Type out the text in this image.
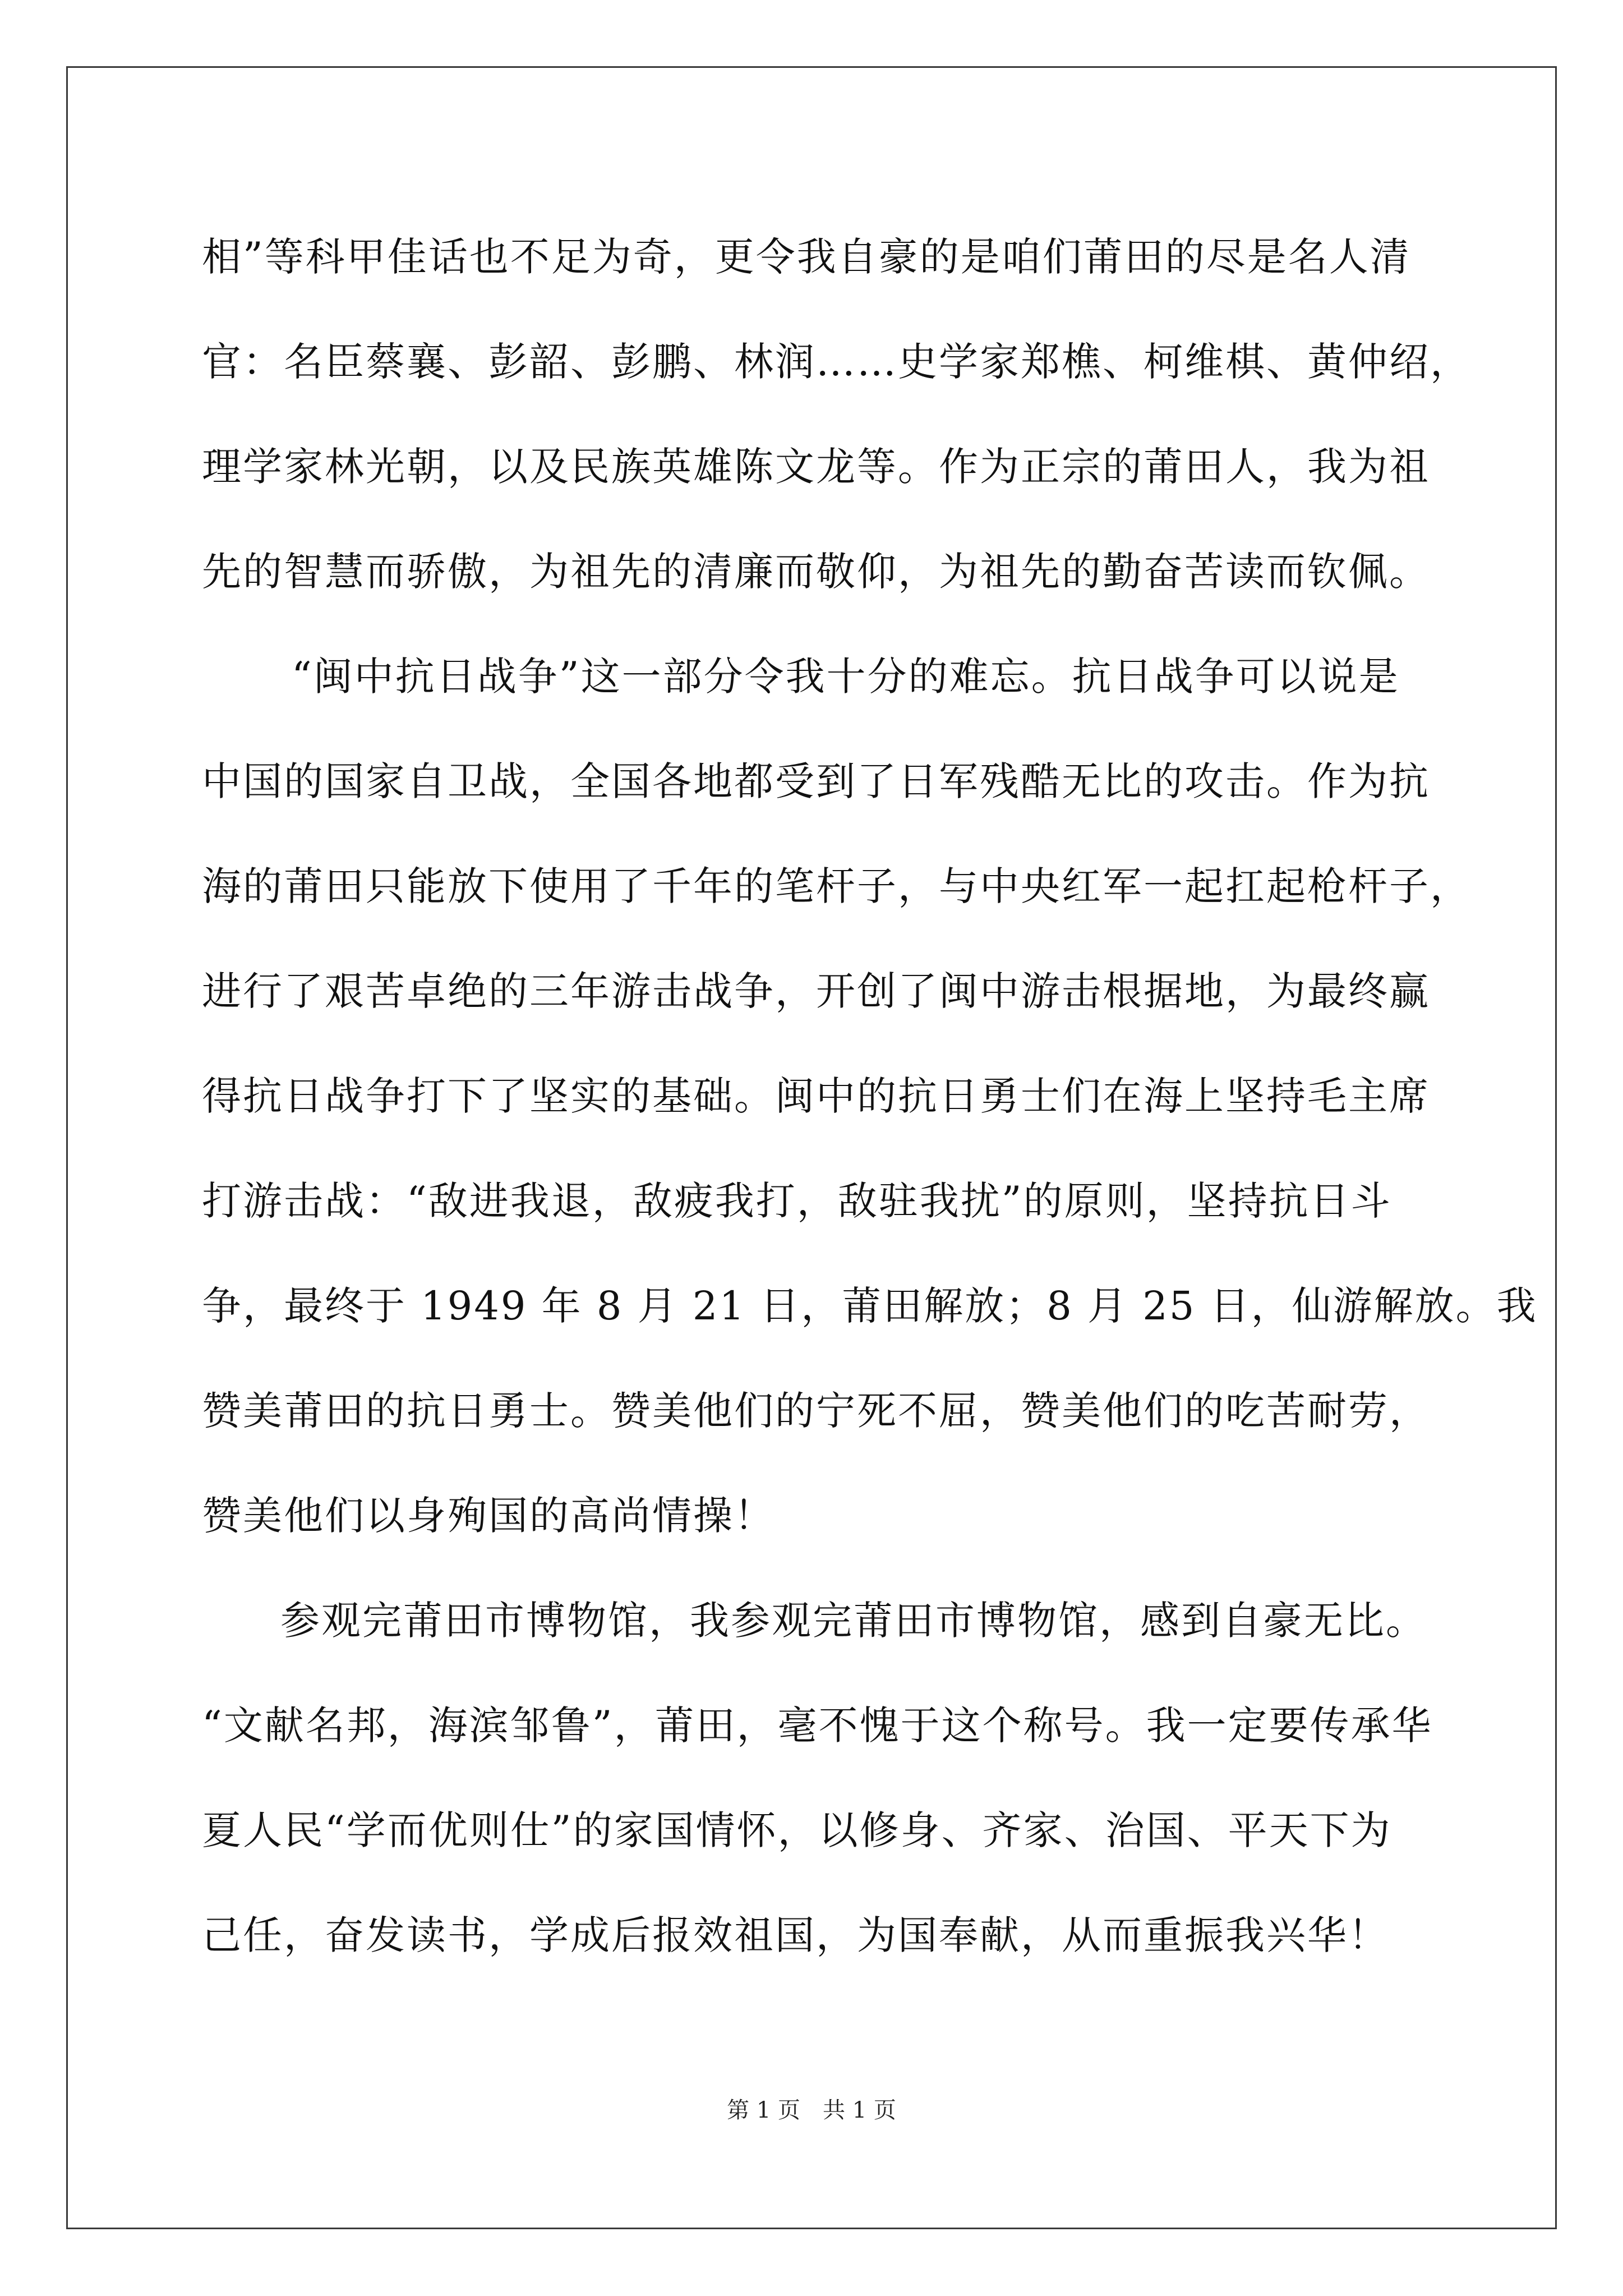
相”等科甲佳话也不足为奇，更令我自豪的是咱们莆田的尽是名人清
官：名臣蔡襄、彭韶、彭鹏、林润……史学家郑樵、柯维棋、黄仲绍，
理学家林光朝，以及民族英雄陈文龙等。作为正宗的莆田人，我为祖
先的智慧而骄傲，为祖先的清廉而敬仰，为祖先的勤奋苦读而钦佩。
“闽中抗日战争”这一部分令我十分的难忘。抗日战争可以说是
中国的国家自卫战，全国各地都受到了日军残酷无比的攻击。作为抗
海的莆田只能放下使用了千年的笔杆子，与中央红军一起扛起枪杆子，
进行了艰苦卓绝的三年游击战争，开创了闽中游击根据地，为最终赢
得抗日战争打下了坚实的基础。闽中的抗日勇士们在海上坚持毛主席
打游击战：“敌进我退，敌疲我打，敌驻我扰”的原则，坚持抗日斗
争，最终于 1949 年 8 月 21 日，莆田解放；8 月 25 日，仙游解放。我
赞美莆田的抗日勇士。赞美他们的宁死不屈，赞美他们的吃苦耐劳，
赞美他们以身殉国的高尚情操！
参观完莆田市博物馆，我参观完莆田市博物馆，感到自豪无比。
“文献名邦，海滨邹鲁”，莆田，毫不愧于这个称号。我一定要传承华
夏人民“学而优则仕”的家国情怀，以修身、齐家、治国、平天下为
己任，奋发读书，学成后报效祖国，为国奉献，从而重振我兴华！
第 1 页　共 1 页
